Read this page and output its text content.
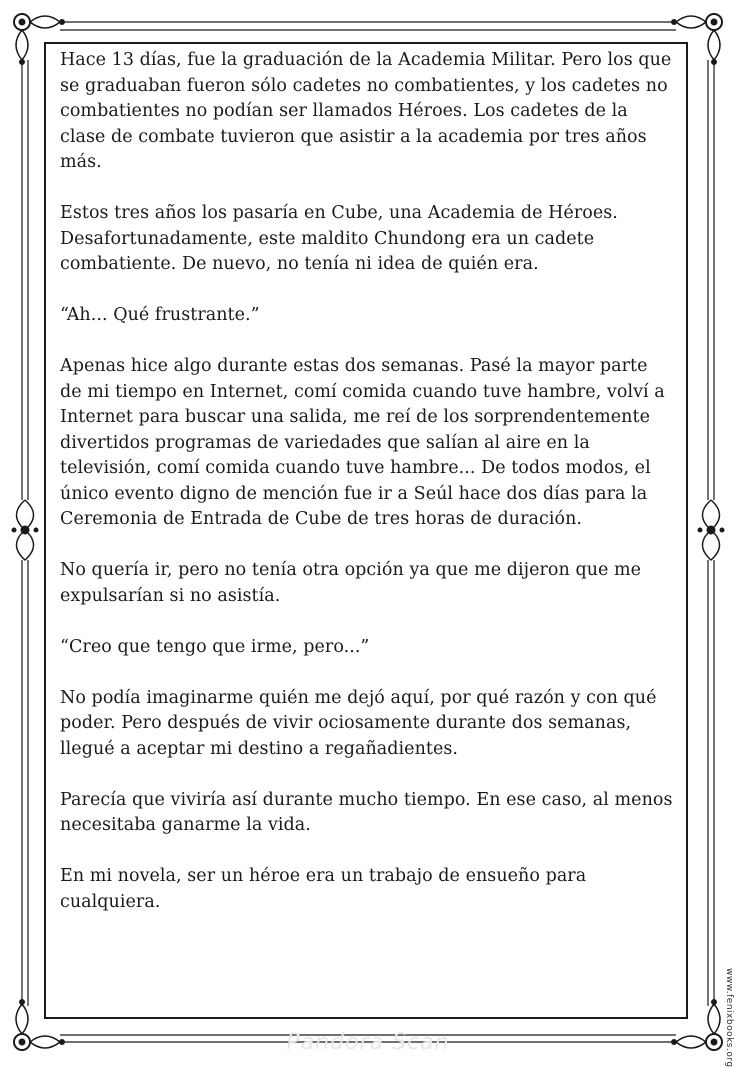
Hace 13 días, fue la graduación de la Academia Militar. Pero los que se graduaban fueron sólo cadetes no combatientes, y los cadetes no combatientes no podían ser llamados Héroes. Los cadetes de la clase de combate tuvieron que asistir a la academia por tres años más.

Estos tres años los pasaría en Cube, una Academia de Héroes. Desafortunadamente, este maldito Chundong era un cadete combatiente. De nuevo, no tenía ni idea de quién era.

“Ah... Qué frustrante.”

Apenas hice algo durante estas dos semanas. Pasé la mayor parte de mi tiempo en Internet, comí comida cuando tuve hambre, volví a Internet para buscar una salida, me reí de los sorprendentemente divertidos programas de variedades que salían al aire en la televisión, comí comida cuando tuve hambre... De todos modos, el único evento digno de mención fue ir a Seúl hace dos días para la Ceremonia de Entrada de Cube de tres horas de duración.

No quería ir, pero no tenía otra opción ya que me dijeron que me expulsarían si no asistía.

“Creo que tengo que irme, pero...”

No podía imaginarme quién me dejó aquí, por qué razón y con qué poder. Pero después de vivir ociosamente durante dos semanas, llegué a aceptar mi destino a regañadientes.

Parecía que viviría así durante mucho tiempo. En ese caso, al menos necesitaba ganarme la vida.

En mi novela, ser un héroe era un trabajo de ensueño para cualquiera.

www.fenixbooks.org
Pandora Scan
